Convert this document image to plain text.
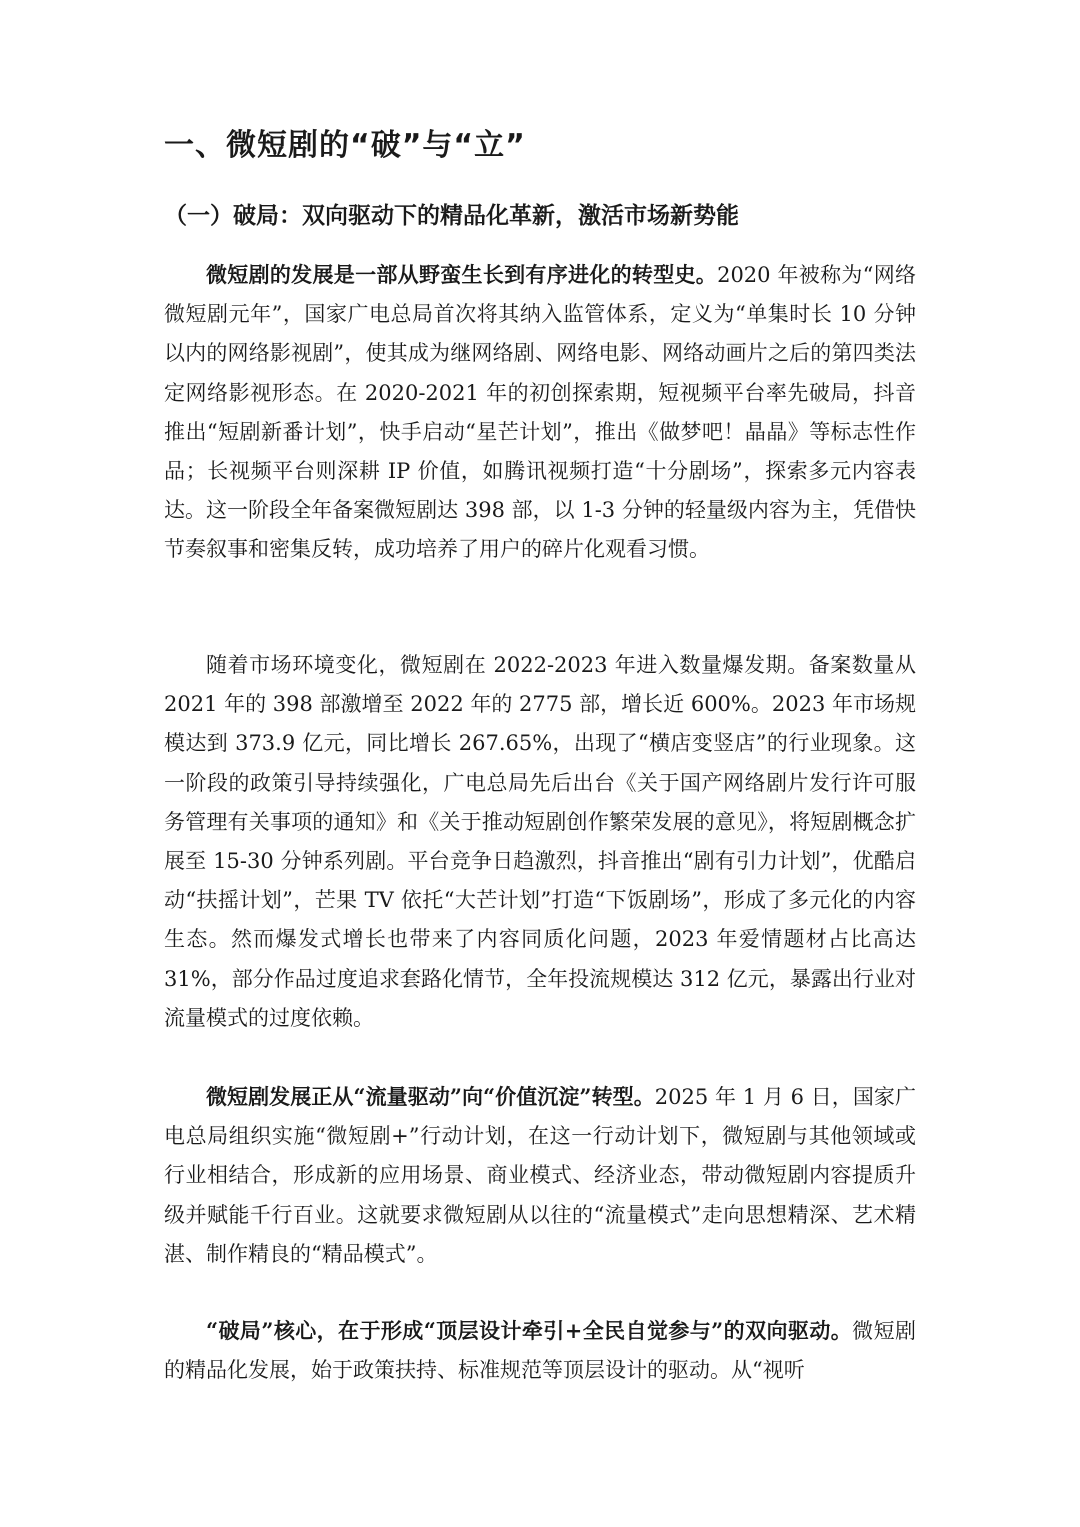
一、微短剧的“破”与“立”
（一）破局：双向驱动下的精品化革新，激活市场新势能

微短剧的发展是一部从野蛮生长到有序进化的转型史。2020 年被称为“网络微短剧元年”，国家广电总局首次将其纳入监管体系，定义为“单集时长 10 分钟以内的网络影视剧”，使其成为继网络剧、网络电影、网络动画片之后的第四类法定网络影视形态。在 2020-2021 年的初创探索期，短视频平台率先破局，抖音推出“短剧新番计划”，快手启动“星芒计划”，推出《做梦吧！晶晶》等标志性作品；长视频平台则深耕 IP 价值，如腾讯视频打造“十分剧场”，探索多元内容表达。这一阶段全年备案微短剧达 398 部，以 1-3 分钟的轻量级内容为主，凭借快节奏叙事和密集反转，成功培养了用户的碎片化观看习惯。

随着市场环境变化，微短剧在 2022-2023 年进入数量爆发期。备案数量从 2021 年的 398 部激增至 2022 年的 2775 部，增长近 600%。2023 年市场规模达到 373.9 亿元，同比增长 267.65%，出现了“横店变竖店”的行业现象。这一阶段的政策引导持续强化，广电总局先后出台《关于国产网络剧片发行许可服务管理有关事项的通知》和《关于推动短剧创作繁荣发展的意见》，将短剧概念扩展至 15-30 分钟系列剧。平台竞争日趋激烈，抖音推出“剧有引力计划”，优酷启动“扶摇计划”，芒果 TV 依托“大芒计划”打造“下饭剧场”，形成了多元化的内容生态。然而爆发式增长也带来了内容同质化问题，2023 年爱情题材占比高达 31%，部分作品过度追求套路化情节，全年投流规模达 312 亿元，暴露出行业对流量模式的过度依赖。

微短剧发展正从“流量驱动”向“价值沉淀”转型。2025 年 1 月 6 日，国家广电总局组织实施“微短剧+”行动计划，在这一行动计划下，微短剧与其他领域或行业相结合，形成新的应用场景、商业模式、经济业态，带动微短剧内容提质升级并赋能千行百业。这就要求微短剧从以往的“流量模式”走向思想精深、艺术精湛、制作精良的“精品模式”。

“破局”核心，在于形成“顶层设计牵引+全民自觉参与”的双向驱动。微短剧的精品化发展，始于政策扶持、标准规范等顶层设计的驱动。从“视听
